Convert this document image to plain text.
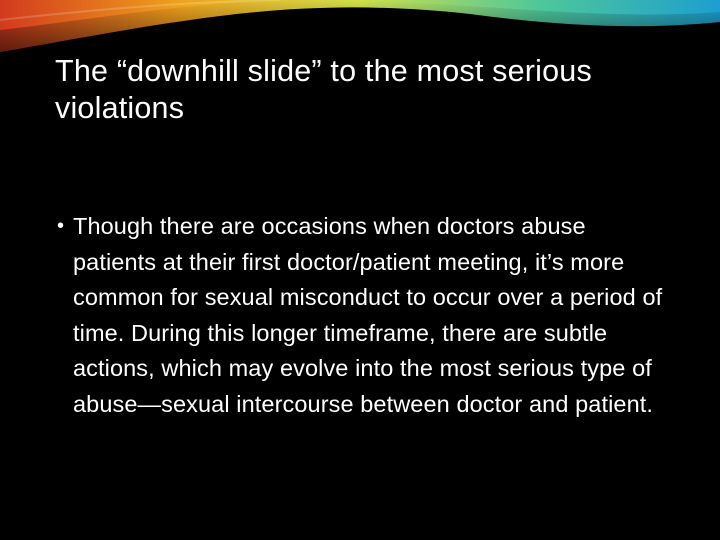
The “downhill slide” to the most serious violations
• Though there are occasions when doctors abuse patients at their first doctor/patient meeting, it’s more common for sexual misconduct to occur over a period of time. During this longer timeframe, there are subtle actions, which may evolve into the most serious type of abuse—sexual intercourse between doctor and patient.
